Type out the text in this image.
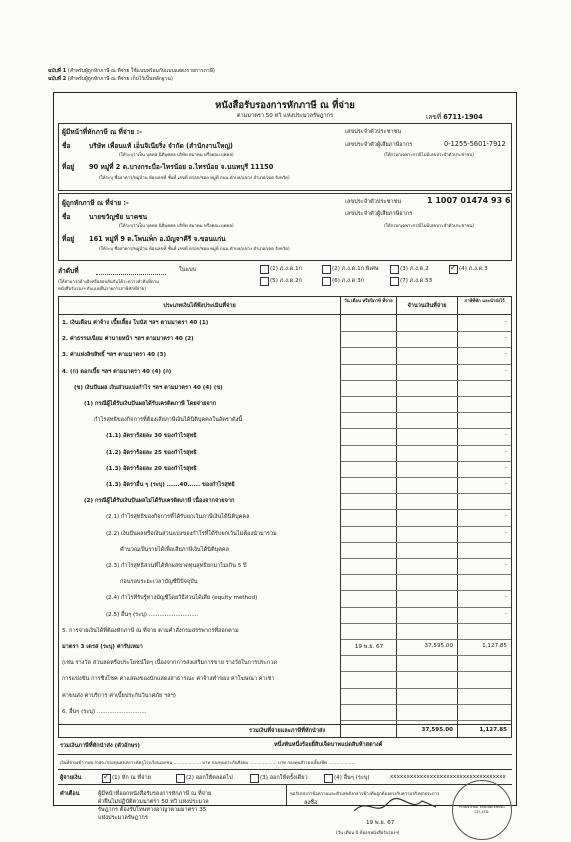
ฉบับที่ 1 (สำหรับผู้ถูกหักภาษี ณ ที่จ่าย ใช้แนบพร้อมกับแบบแสดงรายการภาษี)
ฉบับที่ 2 (สำหรับผู้ถูกหักภาษี ณ ที่จ่าย เก็บไว้เป็นหลักฐาน)
หนังสือรับรองการหักภาษี ณ ที่จ่าย
ตามมาตรา 50 ทวิ แห่งประมวลรัษฎากร	เลขที่ 6711-1904
ผู้มีหน้าที่หักภาษี ณ ที่จ่าย :-	เลขประจำตัวประชาชน
ชื่อ	บริษัท เพื่อนแท้ เอ็นจิเนียริ่ง จำกัด (สำนักงานใหญ่)	เลขประจำตัวผู้เสียภาษีอากร	0-1255-5601-7912
(ให้ระบุว่าเป็น บุคคล นิติบุคคล บริษัท สมาคม หรือคณะบุคคล)	(ให้กรอกเฉพาะกรณีไม่มีเลขประจำตัวประชาชน)
ที่อยู่ 90 หมู่ที่ 2 ต.บางกระบือ-ไทรน้อย อ.ไทรน้อย จ.นนทบุรี 11150
(ให้ระบุ ชื่ออาคาร/หมู่บ้าน ห้องเลขที่ ชั้นที่ เลขที่ ตรอก/ซอย หมู่ที่ ถนน ตำบล/แขวง อำเภอ/เขต จังหวัด)
ผู้ถูกหักภาษี ณ ที่จ่าย :-	เลขประจำตัวประชาชน	1 1007 01474 93 6
เลขประจำตัวผู้เสียภาษีอากร
ชื่อ	นายขวัญชัย นาคชน
(ให้ระบุว่าเป็น บุคคล นิติบุคคล บริษัท สมาคม หรือคณะบุคคล)	(ให้กรอกเฉพาะกรณีไม่มีเลขประจำตัวประชาชน)
ที่อยู่ 161 หมู่ที่ 9 ต.โพนเพ็ก อ.มัญจาคีรี จ.ขอนแก่น
(ให้ระบุ ชื่ออาคาร/หมู่บ้าน ห้องเลขที่ ชั้นที่ เลขที่ ตรอก/ซอย หมู่ที่ ถนน ตำบล/แขวง อำเภอ/เขต จังหวัด)
ลำดับที่	ในแบบ
(ให้สามารถอ้างอิงหรือสอบยันกันได้ระหว่างลำดับที่ตาม
หนังสือรับรองฯ กับแบบยื่นรายการภาษีหักที่จ่าย)
(1) ภ.ง.ด.1ก	(2) ภ.ง.ด.1ก พิเศษ	(3) ภ.ง.ด.2 ✓	(4) ภ.ง.ด.3
(5) ภ.ง.ด.2ก	(6) ภ.ง.ด.3ก	(7) ภ.ง.ด.53
ประเภทเงินได้พึงประเมินที่จ่าย
วัน เดือน หรือปีภาษี ที่จ่าย
จำนวนเงินที่จ่าย
ภาษีที่หัก และนำส่งไว้
1. เงินเดือน ค่าจ้าง เบี้ยเลี้ยง โบนัส ฯลฯ ตามมาตรา 40 (1)	-
2. ค่าธรรมเนียม ค่านายหน้า ฯลฯ ตามมาตรา 40 (2)	-
3. ค่าแห่งลิขสิทธิ์ ฯลฯ ตามมาตรา 40 (3)	-
4. (ก) ดอกเบี้ย ฯลฯ ตามมาตรา 40 (4) (ก)	-
(ข) เงินปันผล เงินส่วนแบ่งกำไร ฯลฯ ตามมาตรา 40 (4) (ข)
(1) กรณีผู้ได้รับเงินปันผลได้รับเครดิตภาษี โดยจ่ายจาก
กำไรสุทธิของกิจการที่ต้องเสียภาษีเงินได้นิติบุคคลในอัตราดังนี้
(1.1) อัตราร้อยละ 30 ของกำไรสุทธิ	-
(1.2) อัตราร้อยละ 25 ของกำไรสุทธิ	-
(1.3) อัตราร้อยละ 20 ของกำไรสุทธิ	-
(1.3) อัตราอื่น ๆ (ระบุ) ......40...... ของกำไรสุทธิ	-
(2) กรณีผู้ได้รับเงินปันผลไม่ได้รับเครดิตภาษี เนื่องจากจ่ายจาก
(2.1) กำไรสุทธิของกิจการที่ได้รับยกเว้นภาษีเงินได้นิติบุคคล	-
(2.2) เงินปันผลหรือเงินส่วนแบ่งของกำไรที่ได้รับยกเว้นไม่ต้องนำมารวม	-
คำนวณเป็นรายได้เพื่อเสียภาษีเงินได้นิติบุคคล
(2.3) กำไรสุทธิส่วนที่ได้หักผลขาดทุนสุทธิยกมาไม่เกิน 5 ปี	-
ก่อนรอบระยะเวลาบัญชีปีปัจจุบัน
(2.4) กำไรที่รับรู้ทางบัญชีโดยวิธีส่วนได้เสีย (equity method)	-
(2.5) อื่นๆ (ระบุ) ............................	-
5. การจ่ายเงินได้ที่ต้องหักภาษี ณ ที่จ่าย ตามคำสั่งกรมสรรพากรที่ออกตาม
มาตรา 3 เตรส (ระบุ) ค่ารับเหมา	19 พ.ย. 67	37,595.00	1,127.85
(เช่น รางวัล ส่วนลดหรือประโยชน์ใดๆ เนื่องจากการส่งเสริมการขาย รางวัลในการประกวด
การแข่งขัน การชิงโชค ค่าแสดงของนักแสดงสาธารณะ ค่าจ้างทำของ ค่าโฆษณา ค่าเช่า
ค่าขนส่ง ค่าบริการ ค่าเบี้ยประกันวินาศภัย ฯลฯ)
6. อื่นๆ (ระบุ) ............................
รวมเงินที่จ่ายและภาษีที่หักนำส่ง	37,595.00	1,127.85
รวมเงินภาษีที่หักนำส่ง (ตัวอักษร)	หนึ่งพันหนึ่งร้อยยี่สิบเจ็ดบาทแปดสิบห้าสตางค์
เงินที่จ่ายเข้า กบข./กสจ./กองทุนสงเคราะห์ครูโรงเรียนเอกชน .................... บาท กองทุนประกันสังคม .................... บาท กองทุนสำรองเลี้ยงชีพ ....................
ผู้จ่ายเงิน ✓	(1) หัก ณ ที่จ่าย	(2) ออกให้ตลอดไป	(3) ออกให้ครั้งเดียว	(4) อื่นๆ (ระบุ)	xxxxxxxxxxxxxxxxxxxxxxxxxxxxxxxxxxx
คำเตือน	ผู้มีหน้าที่ออกหนังสือรับรองการหักภาษี ณ ที่จ่าย
ฝ่าฝืนไม่ปฏิบัติตามมาตรา 50 ทวิ แห่งประมวล
รัษฎากร ต้องรับโทษทางอาญาตามมาตรา 35
แห่งประมวลรัษฎากร
ขอรับรองว่าข้อความและตัวเลขดังกล่าวข้างต้นถูกต้องตรงกับความจริงทุกประการ
ลงชื่อ
19 พ.ย. 67
(วัน เดือน ปี ที่ออกหนังสือรับรองฯ)
PUANTHAE ENGINEERING CO.,LTD.
